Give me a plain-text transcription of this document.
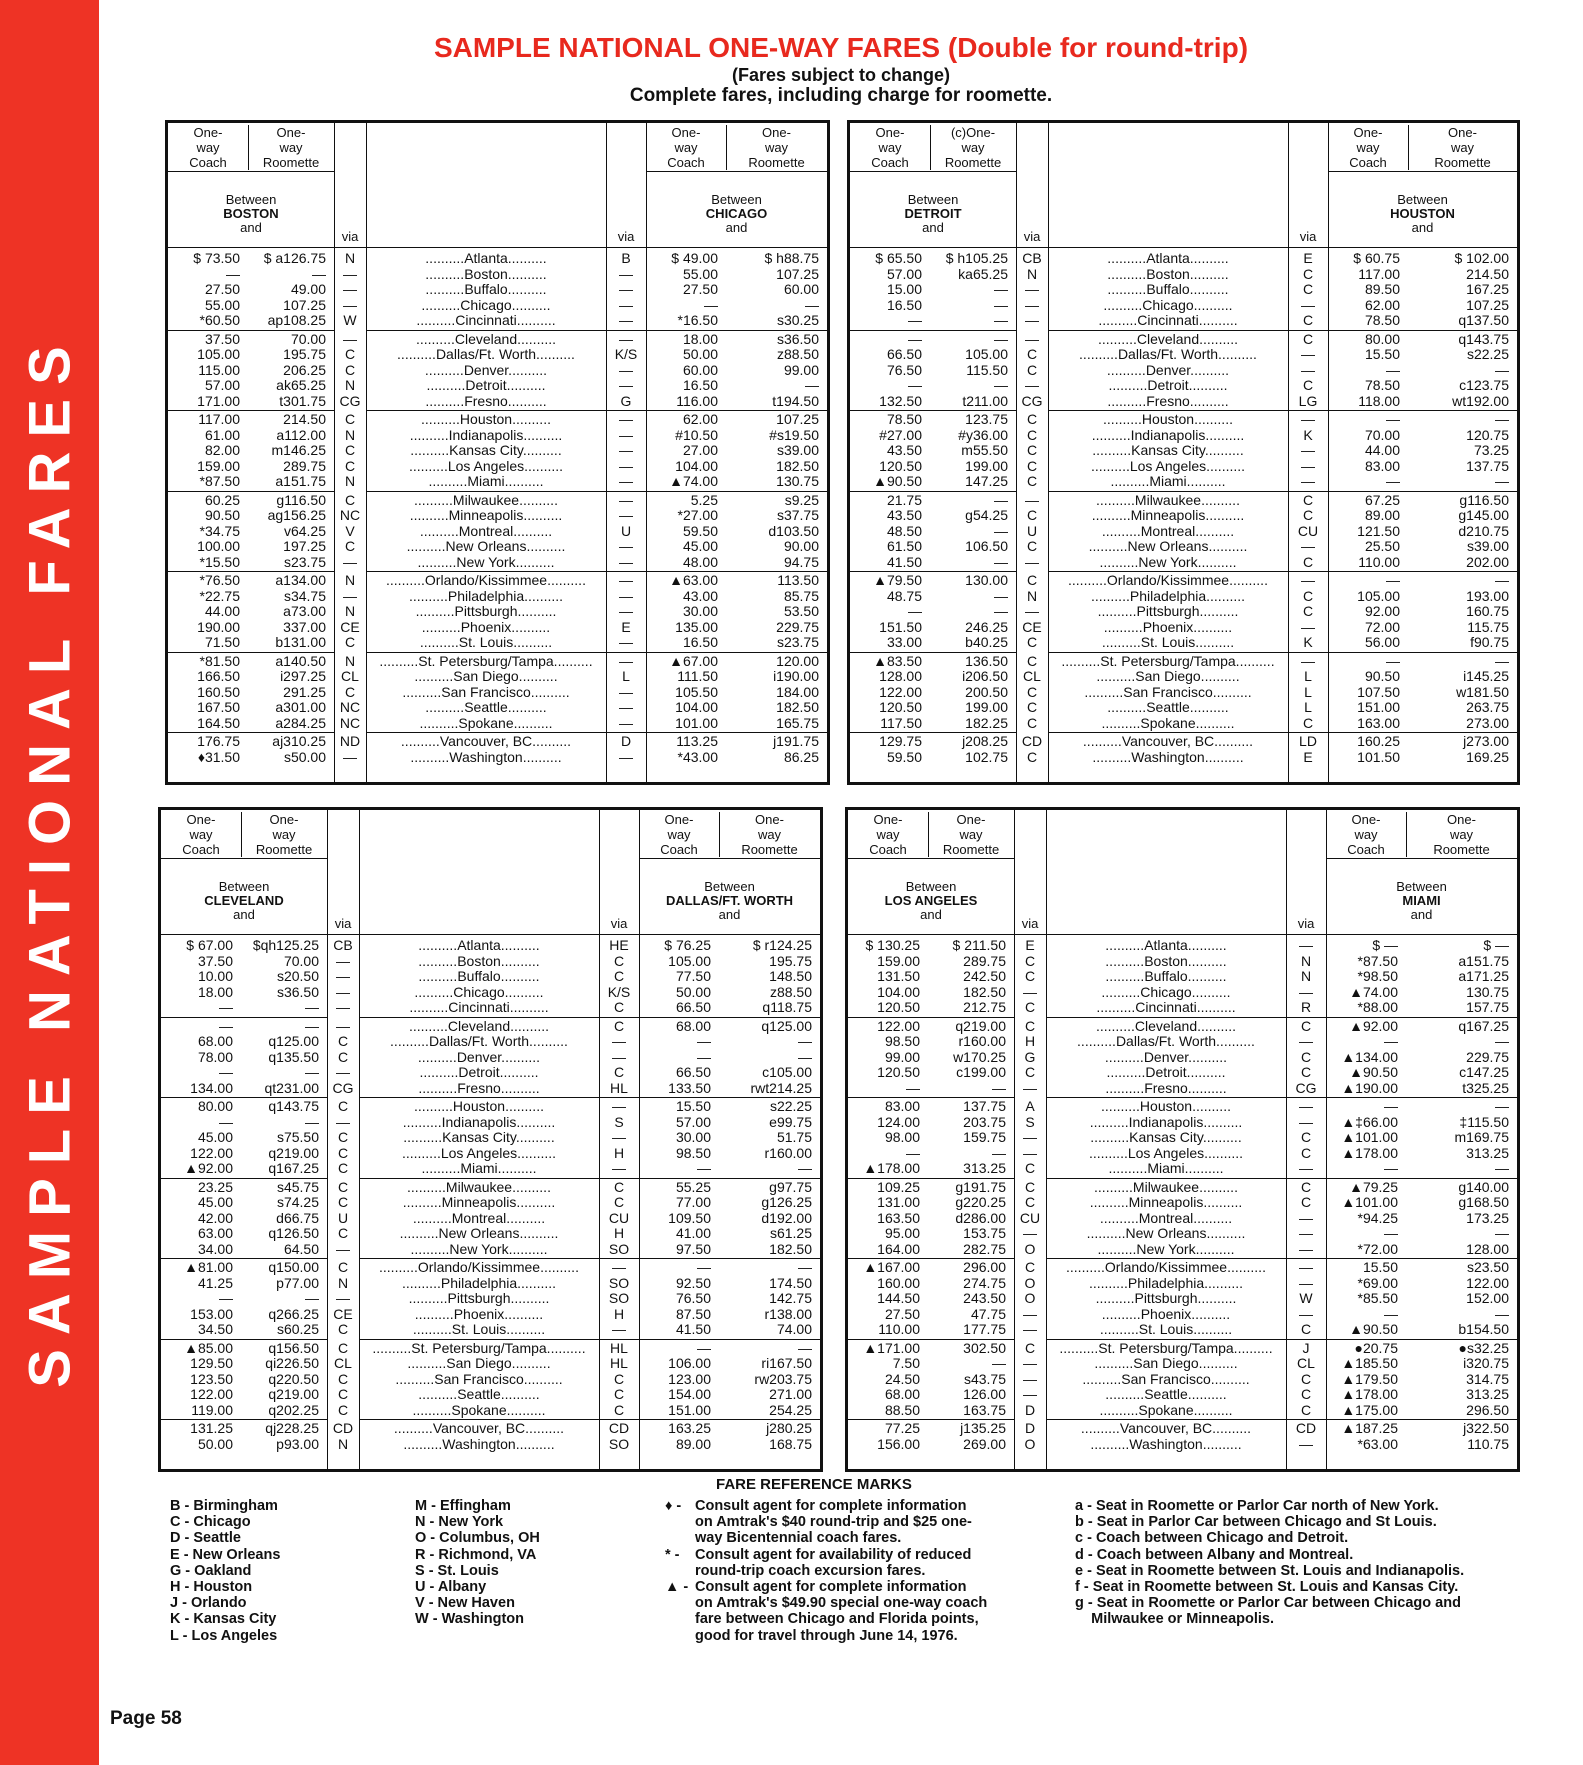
SAMPLE NATIONAL FARES
SAMPLE NATIONAL ONE-WAY FARES (Double for round-trip)
(Fares subject to change)
Complete fares, including charge for roomette.
One-
way
Coach
One-
way
Roomette
One-
way
Coach
One-
way
Roomette
Between
BOSTON
and
Between
CHICAGO
and
via	via
$ 73.50	$ a126.75	N	..........Atlanta..........	B	$ 49.00	$ h88.75
—	—	—	..........Boston..........	—	55.00	107.25
27.50	49.00	—	..........Buffalo..........	—	27.50	60.00
55.00	107.25	—	..........Chicago..........	—	—	—
*60.50	ap108.25	W	..........Cincinnati..........	—	*16.50	s30.25
37.50	70.00	—	..........Cleveland..........	—	18.00	s36.50
105.00	195.75	C	..........Dallas/Ft. Worth..........	K/S	50.00	z88.50
115.00	206.25	C	..........Denver..........	—	60.00	99.00
57.00	ak65.25	N	..........Detroit..........	—	16.50	—
171.00	t301.75 CG	..........Fresno..........	G	116.00	t194.50
117.00	214.50	C	..........Houston..........	—	62.00	107.25
61.00	a112.00	N	..........Indianapolis..........	—	#10.50	#s19.50
82.00	m146.25	C	..........Kansas City..........	—	27.00	s39.00
159.00	289.75	C	..........Los Angeles..........	—	104.00	182.50
*87.50	a151.75	N	..........Miami..........	—	▲74.00	130.75
60.25	g116.50	C	..........Milwaukee..........	—	5.25	s9.25
90.50	ag156.25 NC	..........Minneapolis..........	—	*27.00	s37.75
*34.75	v64.25	V	..........Montreal..........	U	59.50	d103.50
100.00	197.25	C	..........New Orleans..........	—	45.00	90.00
*15.50	s23.75	—	..........New York..........	—	48.00	94.75
*76.50	a134.00	N	..........Orlando/Kissimmee..........	—	▲63.00	113.50
*22.75	s34.75	—	..........Philadelphia..........	—	43.00	85.75
44.00	a73.00	N	..........Pittsburgh..........	—	30.00	53.50
190.00	337.00	CE	..........Phoenix..........	E	135.00	229.75
71.50	b131.00	C	..........St. Louis..........	—	16.50	s23.75
*81.50	a140.50	N	..........St. Petersburg/Tampa..........	—	▲67.00	120.00
166.50	i297.25	CL	..........San Diego..........	L	111.50	i190.00
160.50	291.25	C	..........San Francisco..........	—	105.50	184.00
167.50	a301.00 NC	..........Seattle..........	—	104.00	182.50
164.50	a284.25 NC	..........Spokane..........	—	101.00	165.75
176.75	aj310.25 ND	..........Vancouver, BC..........	D	113.25	j191.75
♦31.50	s50.00	—	..........Washington..........	—	*43.00	86.25
One-
way
Coach
(c)One-
way
Roomette
One-
way
Coach
One-
way
Roomette
Between
DETROIT
and
Between
HOUSTON
and
via	via
$ 65.50	$ h105.25	CB	..........Atlanta..........	E	$ 60.75	$ 102.00
57.00	ka65.25	N	..........Boston..........	C	117.00	214.50
15.00	—	—	..........Buffalo..........	C	89.50	167.25
16.50	—	—	..........Chicago..........	—	62.00	107.25
—	—	—	..........Cincinnati..........	C	78.50	q137.50
—	—	—	..........Cleveland..........	C	80.00	q143.75
66.50	105.00	C	..........Dallas/Ft. Worth..........	—	15.50	s22.25
76.50	115.50	C	..........Denver..........	—	—	—
—	—	—	..........Detroit..........	C	78.50	c123.75
132.50	t211.00 CG	..........Fresno..........	LG	118.00	wt192.00
78.50	123.75	C	..........Houston..........	—	—	—
#27.00	#y36.00	C	..........Indianapolis..........	K	70.00	120.75
43.50	m55.50	C	..........Kansas City..........	—	44.00	73.25
120.50	199.00	C	..........Los Angeles..........	—	83.00	137.75
▲90.50	147.25	C	..........Miami..........	—	—	—
21.75	—	—	..........Milwaukee..........	C	67.25	g116.50
43.50	g54.25	C	..........Minneapolis..........	C	89.00	g145.00
48.50	—	U	..........Montreal..........	CU	121.50	d210.75
61.50	106.50	C	..........New Orleans..........	—	25.50	s39.00
41.50	—	—	..........New York..........	C	110.00	202.00
▲79.50	130.00	C	..........Orlando/Kissimmee..........	—	—	—
48.75	—	N	..........Philadelphia..........	C	105.00	193.00
—	—	—	..........Pittsburgh..........	C	92.00	160.75
151.50	246.25	CE	..........Phoenix..........	—	72.00	115.75
33.00	b40.25	C	..........St. Louis..........	K	56.00	f90.75
▲83.50	136.50	C	..........St. Petersburg/Tampa..........	—	—	—
128.00	i206.50	CL	..........San Diego..........	L	90.50	i145.25
122.00	200.50	C	..........San Francisco..........	L	107.50	w181.50
120.50	199.00	C	..........Seattle..........	L	151.00	263.75
117.50	182.25	C	..........Spokane..........	C	163.00	273.00
129.75	j208.25 CD	..........Vancouver, BC..........	LD	160.25	j273.00
59.50	102.75	C	..........Washington..........	E	101.50	169.25
One-
way
Coach
One-
way
Roomette
One-
way
Coach
One-
way
Roomette
Between
CLEVELAND
and
Between
DALLAS/FT. WORTH
and
via	via
$ 67.00	$qh125.25	CB	..........Atlanta..........	HE	$ 76.25	$ r124.25
37.50	70.00	—	..........Boston..........	C	105.00	195.75
10.00	s20.50	—	..........Buffalo..........	C	77.50	148.50
18.00	s36.50	—	..........Chicago..........	K/S	50.00	z88.50
—	—	—	..........Cincinnati..........	C	66.50	q118.75
—	—	—	..........Cleveland..........	C	68.00	q125.00
68.00	q125.00	C	..........Dallas/Ft. Worth..........	—	—	—
78.00	q135.50	C	..........Denver..........	—	—	—
—	—	—	..........Detroit..........	C	66.50	c105.00
134.00	qt231.00 CG	..........Fresno..........	HL	133.50	rwt214.25
80.00	q143.75	C	..........Houston..........	—	15.50	s22.25
—	—	—	..........Indianapolis..........	S	57.00	e99.75
45.00	s75.50	C	..........Kansas City..........	—	30.00	51.75
122.00	q219.00	C	..........Los Angeles..........	H	98.50	r160.00
▲92.00	q167.25	C	..........Miami..........	—	—	—
23.25	s45.75	C	..........Milwaukee..........	C	55.25	g97.75
45.00	s74.25	C	..........Minneapolis..........	C	77.00	g126.25
42.00	d66.75	U	..........Montreal..........	CU	109.50	d192.00
63.00	q126.50	C	..........New Orleans..........	H	41.00	s61.25
34.00	64.50	—	..........New York..........	SO	97.50	182.50
▲81.00	q150.00	C	..........Orlando/Kissimmee..........	—	—	—
41.25	p77.00	N	..........Philadelphia..........	SO	92.50	174.50
—	—	—	..........Pittsburgh..........	SO	76.50	142.75
153.00	q266.25	CE	..........Phoenix..........	H	87.50	r138.00
34.50	s60.25	C	..........St. Louis..........	—	41.50	74.00
▲85.00	q156.50	C	..........St. Petersburg/Tampa..........	HL	—	—
129.50	qi226.50	CL	..........San Diego..........	HL	106.00	ri167.50
123.50	q220.50	C	..........San Francisco..........	C	123.00	rw203.75
122.00	q219.00	C	..........Seattle..........	C	154.00	271.00
119.00	q202.25	C	..........Spokane..........	C	151.00	254.25
131.25	qj228.25 CD	..........Vancouver, BC..........	CD	163.25	j280.25
50.00	p93.00	N	..........Washington..........	SO	89.00	168.75
One-
way
Coach
One-
way
Roomette
One-
way
Coach
One-
way
Roomette
Between
LOS ANGELES
and
Between
MIAMI
and
via	via
$ 130.25	$ 211.50	E	..........Atlanta..........	—	$ —	$ —
159.00	289.75	C	..........Boston..........	N	*87.50	a151.75
131.50	242.50	C	..........Buffalo..........	N	*98.50	a171.25
104.00	182.50	—	..........Chicago..........	—	▲74.00	130.75
120.50	212.75	C	..........Cincinnati..........	R	*88.00	157.75
122.00	q219.00	C	..........Cleveland..........	C	▲92.00	q167.25
98.50	r160.00	H	..........Dallas/Ft. Worth..........	—	—	—
99.00	w170.25	G	..........Denver..........	C	▲134.00	229.75
120.50	c199.00	C	..........Detroit..........	C	▲90.50	c147.25
—	—	—	..........Fresno..........	CG	▲190.00	t325.25
83.00	137.75	A	..........Houston..........	—	—	—
124.00	203.75	S	..........Indianapolis..........	—	▲‡66.00	‡115.50
98.00	159.75	—	..........Kansas City..........	C	▲101.00	m169.75
—	—	—	..........Los Angeles..........	C	▲178.00	313.25
▲178.00	313.25	C	..........Miami..........	—	—	—
109.25	g191.75	C	..........Milwaukee..........	C	▲79.25	g140.00
131.00	g220.25	C	..........Minneapolis..........	C	▲101.00	g168.50
163.50	d286.00 CU	..........Montreal..........	—	*94.25	173.25
95.00	153.75	—	..........New Orleans..........	—	—	—
164.00	282.75	O	..........New York..........	—	*72.00	128.00
▲167.00	296.00	C	..........Orlando/Kissimmee..........	—	15.50	s23.50
160.00	274.75	O	..........Philadelphia..........	—	*69.00	122.00
144.50	243.50	O	..........Pittsburgh..........	W	*85.50	152.00
27.50	47.75	—	..........Phoenix..........	—	—	—
110.00	177.75	—	..........St. Louis..........	C	▲90.50	b154.50
▲171.00	302.50	C	..........St. Petersburg/Tampa..........	J	●20.75	●s32.25
7.50	—	—	..........San Diego..........	CL	▲185.50	i320.75
24.50	s43.75	—	..........San Francisco..........	C	▲179.50	314.75
68.00	126.00	—	..........Seattle..........	C	▲178.00	313.25
88.50	163.75	D	..........Spokane..........	C	▲175.00	296.50
77.25	j135.25	D	..........Vancouver, BC..........	CD	▲187.25	j322.50
156.00	269.00	O	..........Washington..........	—	*63.00	110.75
FARE REFERENCE MARKS
B - Birmingham
C - Chicago
D - Seattle
E - New Orleans
G - Oakland
H - Houston
J - Orlando
K - Kansas City
L - Los Angeles
M - Effingham
N - New York
O - Columbus, OH
R - Richmond, VA
S - St. Louis
U - Albany
V - New Haven
W - Washington
♦ -Consult agent for complete information
on Amtrak's $40 round-trip and $25 one-
way Bicentennial coach fares.
* -Consult agent for availability of reduced
round-trip coach excursion fares.
▲ -Consult agent for complete information
on Amtrak's $49.90 special one-way coach
fare between Chicago and Florida points,
good for travel through June 14, 1976.
a - Seat in Roomette or Parlor Car north of New York.
b - Seat in Parlor Car between Chicago and St Louis.
c - Coach between Chicago and Detroit.
d - Coach between Albany and Montreal.
e - Seat in Roomette between St. Louis and Indianapolis.
f - Seat in Roomette between St. Louis and Kansas City.
g - Seat in Roomette or Parlor Car between Chicago and
Milwaukee or Minneapolis.
Page 58
